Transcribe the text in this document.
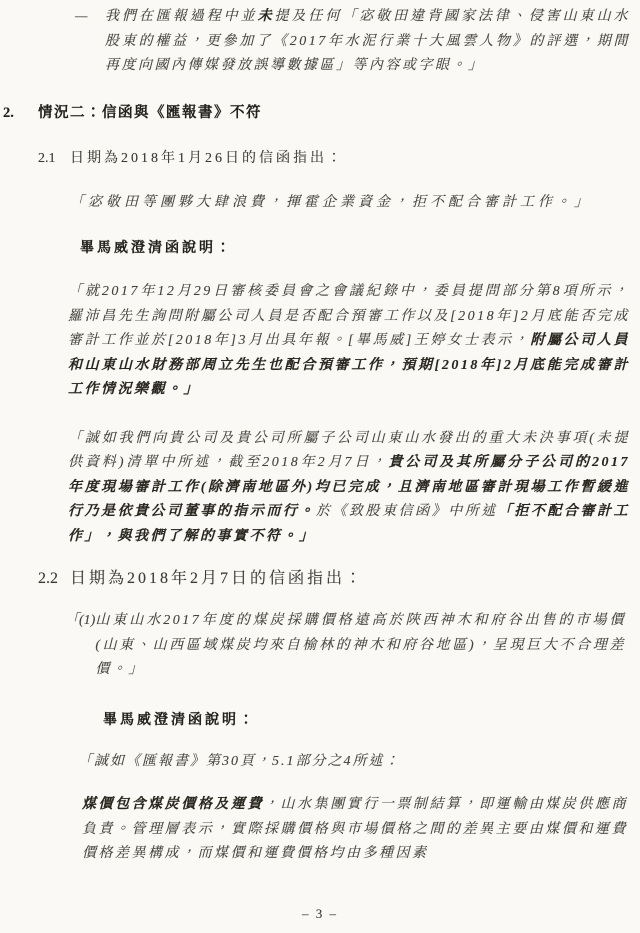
—	我們在匯報過程中並未提及任何「宓敬田違背國家法律、侵害山東山水股東的權益，更參加了《2017年水泥行業十大風雲人物》的評選，期間再度向國內傳媒發放誤導數據區」等內容或字眼。」
2.	情況二：信函與《匯報書》不符
2.1	日期為2018年1月26日的信函指出：
「宓敬田等團夥大肆浪費，揮霍企業資金，拒不配合審計工作。」
畢馬威澄清函說明：
「就2017年12月29日審核委員會之會議紀錄中，委員提問部分第8項所示，羅沛昌先生詢問附屬公司人員是否配合預審工作以及[2018年]2月底能否完成審計工作並於[2018年]3月出具年報。[畢馬威]王婷女士表示，附屬公司人員和山東山水財務部周立先生也配合預審工作，預期[2018年]2月底能完成審計工作情況樂觀。」
「誠如我們向貴公司及貴公司所屬子公司山東山水發出的重大未決事項(未提供資料)清單中所述，截至2018年2月7日，貴公司及其所屬分子公司的2017年度現場審計工作(除濟南地區外)均已完成，且濟南地區審計現場工作暫緩進行乃是依貴公司董事的指示而行。於《致股東信函》中所述「拒不配合審計工作」，與我們了解的事實不符。」
2.2 日期為2018年2月7日的信函指出：
「(1) 山東山水2017年度的煤炭採購價格遠高於陝西神木和府谷出售的市場價(山東、山西區域煤炭均來自榆林的神木和府谷地區)，呈現巨大不合理差價。」
畢馬威澄清函說明：
「誠如《匯報書》第30頁，5.1部分之4所述：
煤價包含煤炭價格及運費，山水集團實行一票制結算，即運輸由煤炭供應商負責。管理層表示，實際採購價格與市場價格之間的差異主要由煤價和運費價格差異構成，而煤價和運費價格均由多種因素
– 3 –
